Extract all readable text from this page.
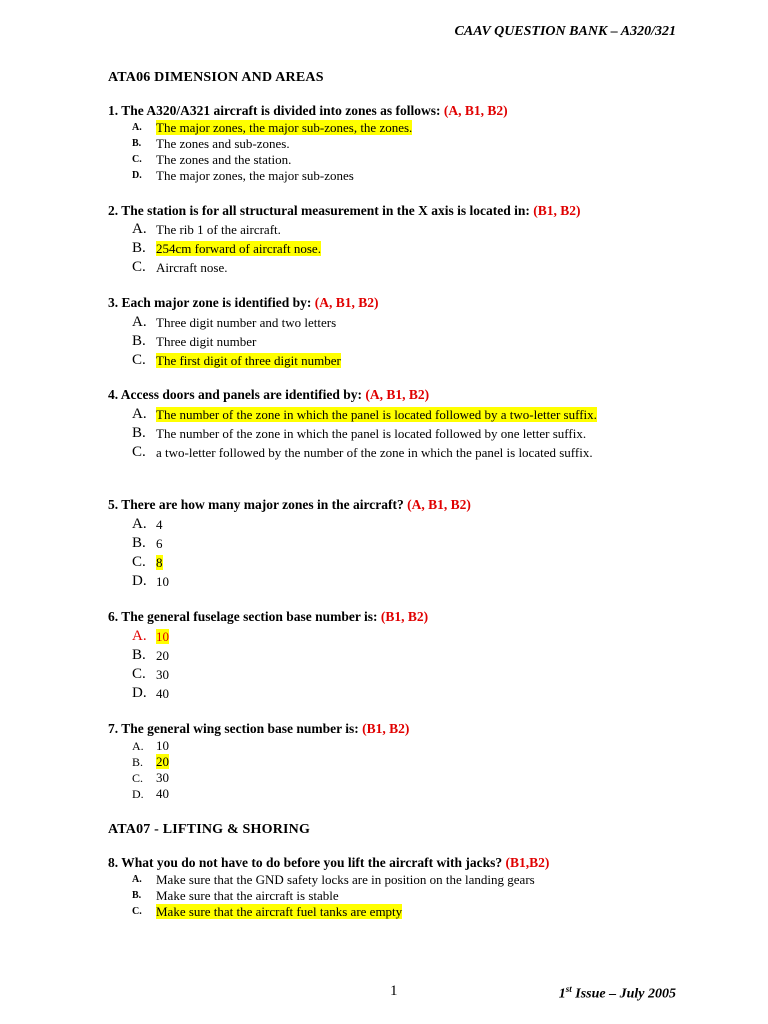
CAAV QUESTION BANK – A320/321
ATA06 DIMENSION AND AREAS
1. The A320/A321 aircraft is divided into zones as follows: (A, B1, B2)
A.	The major zones, the major sub-zones, the zones.
B.	The zones and sub-zones.
C.	The zones and the station.
D.	The major zones, the major sub-zones
2. The station is for all structural measurement in the X axis is located in: (B1, B2)
A. The rib 1 of the aircraft.
B. 254cm forward of aircraft nose.
C. Aircraft nose.
3. Each major zone is identified by: (A, B1, B2)
A. Three digit number and two letters
B. Three digit number
C. The first digit of three digit number
4. Access doors and panels are identified by: (A, B1, B2)
A. The number of the zone in which the panel is located followed by a two-letter suffix.
B. The number of the zone in which the panel is located followed by one letter suffix.
C. a two-letter followed by the number of the zone in which the panel is located suffix.
5. There are how many major zones in the aircraft? (A, B1, B2)
A. 4
B. 6
C. 8
D. 10
6. The general fuselage section base number is: (B1, B2)
A. 10
B. 20
C. 30
D. 40
7. The general wing section base number is: (B1, B2)
A. 10
B. 20
C. 30
D. 40
ATA07 - LIFTING & SHORING
8. What you do not have to do before you lift the aircraft with jacks? (B1,B2)
A.	Make sure that the GND safety locks are in position on the landing gears
B.	Make sure that the aircraft is stable
C.	Make sure that the aircraft fuel tanks are empty
1	1st Issue – July 2005
